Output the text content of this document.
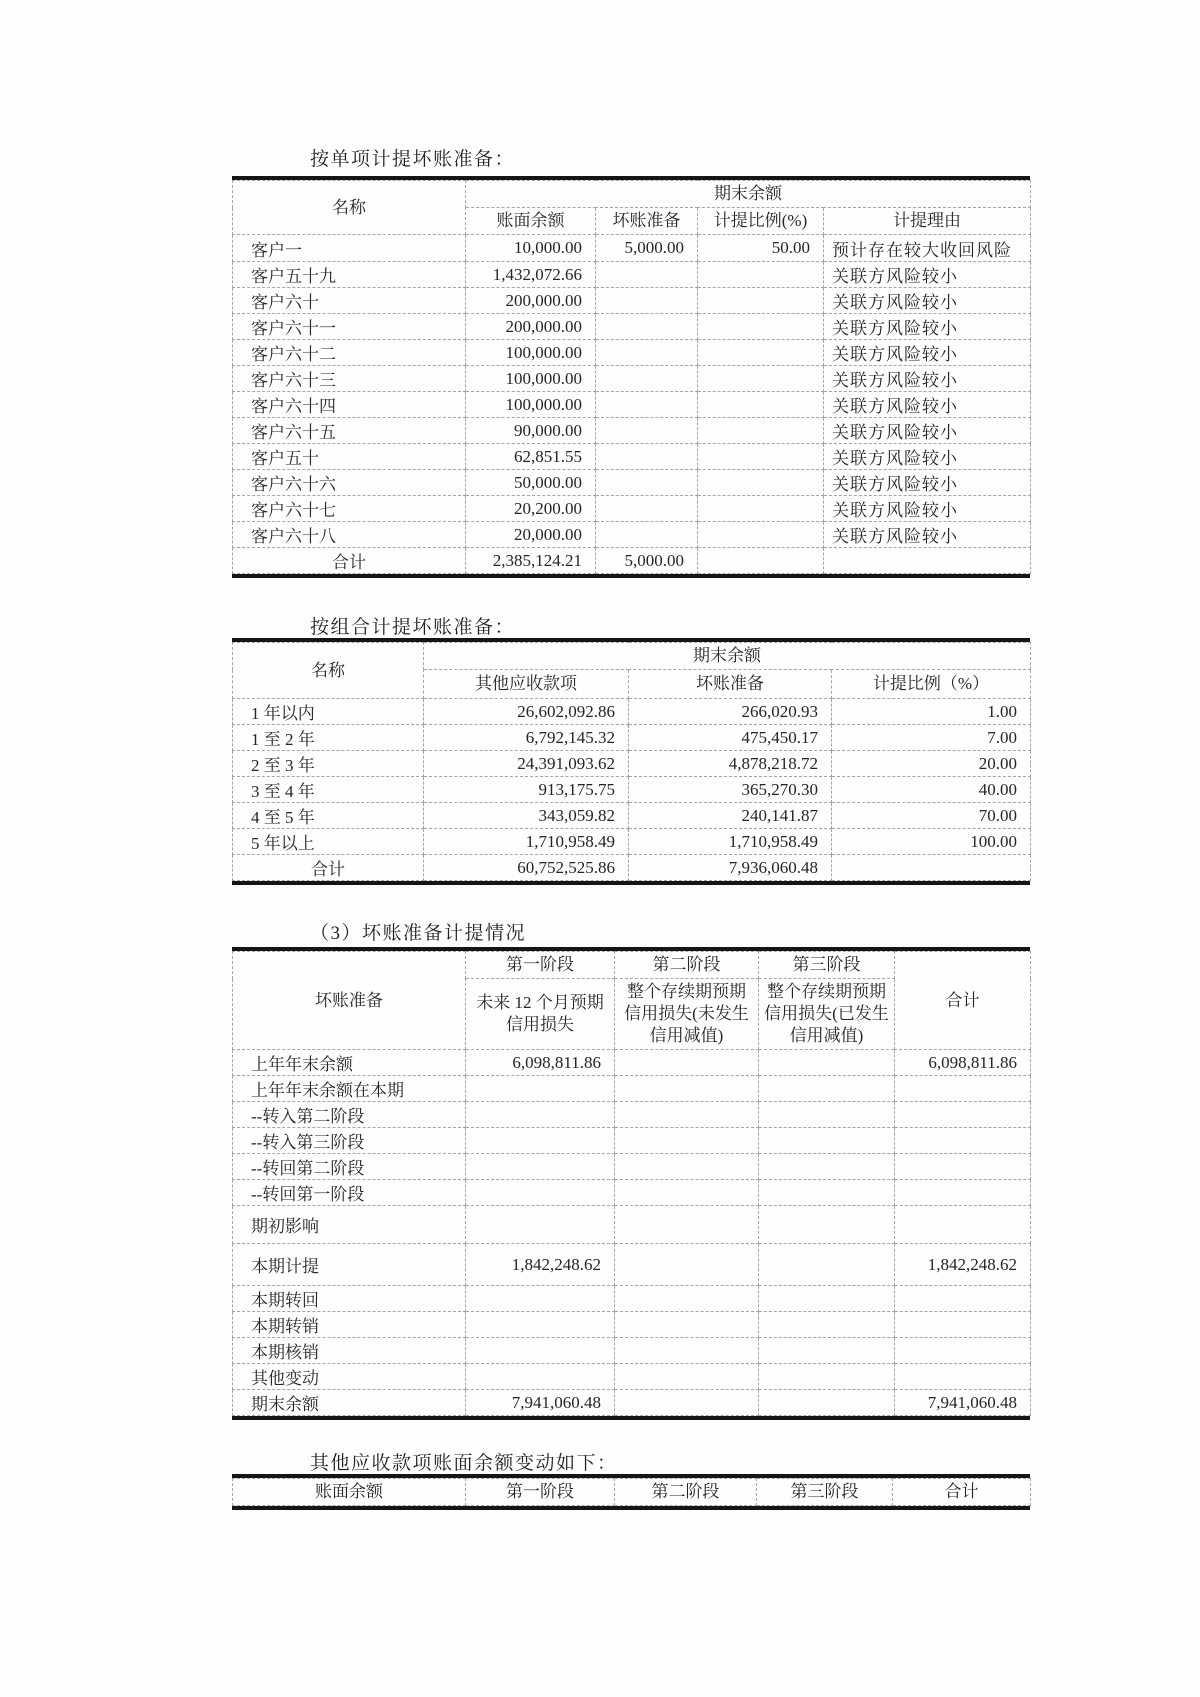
按单项计提坏账准备：
名称	期末余额			
	账面余额	坏账准备	计提比例(%)	计提理由
客户一	10,000.00	5,000.00	50.00	预计存在较大收回风险
客户五十九	1,432,072.66			关联方风险较小
客户六十	200,000.00			关联方风险较小
客户六十一	200,000.00			关联方风险较小
客户六十二	100,000.00			关联方风险较小
客户六十三	100,000.00			关联方风险较小
客户六十四	100,000.00			关联方风险较小
客户六十五	90,000.00			关联方风险较小
客户五十	62,851.55			关联方风险较小
客户六十六	50,000.00			关联方风险较小
客户六十七	20,200.00			关联方风险较小
客户六十八	20,000.00			关联方风险较小
合计	2,385,124.21	5,000.00		
按组合计提坏账准备：
名称	期末余额		
	其他应收款项	坏账准备	计提比例（%）
1 年以内	26,602,092.86	266,020.93	1.00
1 至 2 年	6,792,145.32	475,450.17	7.00
2 至 3 年	24,391,093.62	4,878,218.72	20.00
3 至 4 年	913,175.75	365,270.30	40.00
4 至 5 年	343,059.82	240,141.87	70.00
5 年以上	1,710,958.49	1,710,958.49	100.00
合计	60,752,525.86	7,936,060.48	
（3）坏账准备计提情况
坏账准备	第一阶段	第二阶段	第三阶段	合计
	未来 12 个月预期信用损失	整个存续期预期信用损失(未发生信用减值)	整个存续期预期信用损失(已发生信用减值)	
上年年末余额	6,098,811.86			6,098,811.86
上年年末余额在本期				
--转入第二阶段				
--转入第三阶段				
--转回第二阶段				
--转回第一阶段				
期初影响				
本期计提	1,842,248.62			1,842,248.62
本期转回				
本期转销				
本期核销				
其他变动				
期末余额	7,941,060.48			7,941,060.48
其他应收款项账面余额变动如下：
账面余额	第一阶段	第二阶段	第三阶段	合计
